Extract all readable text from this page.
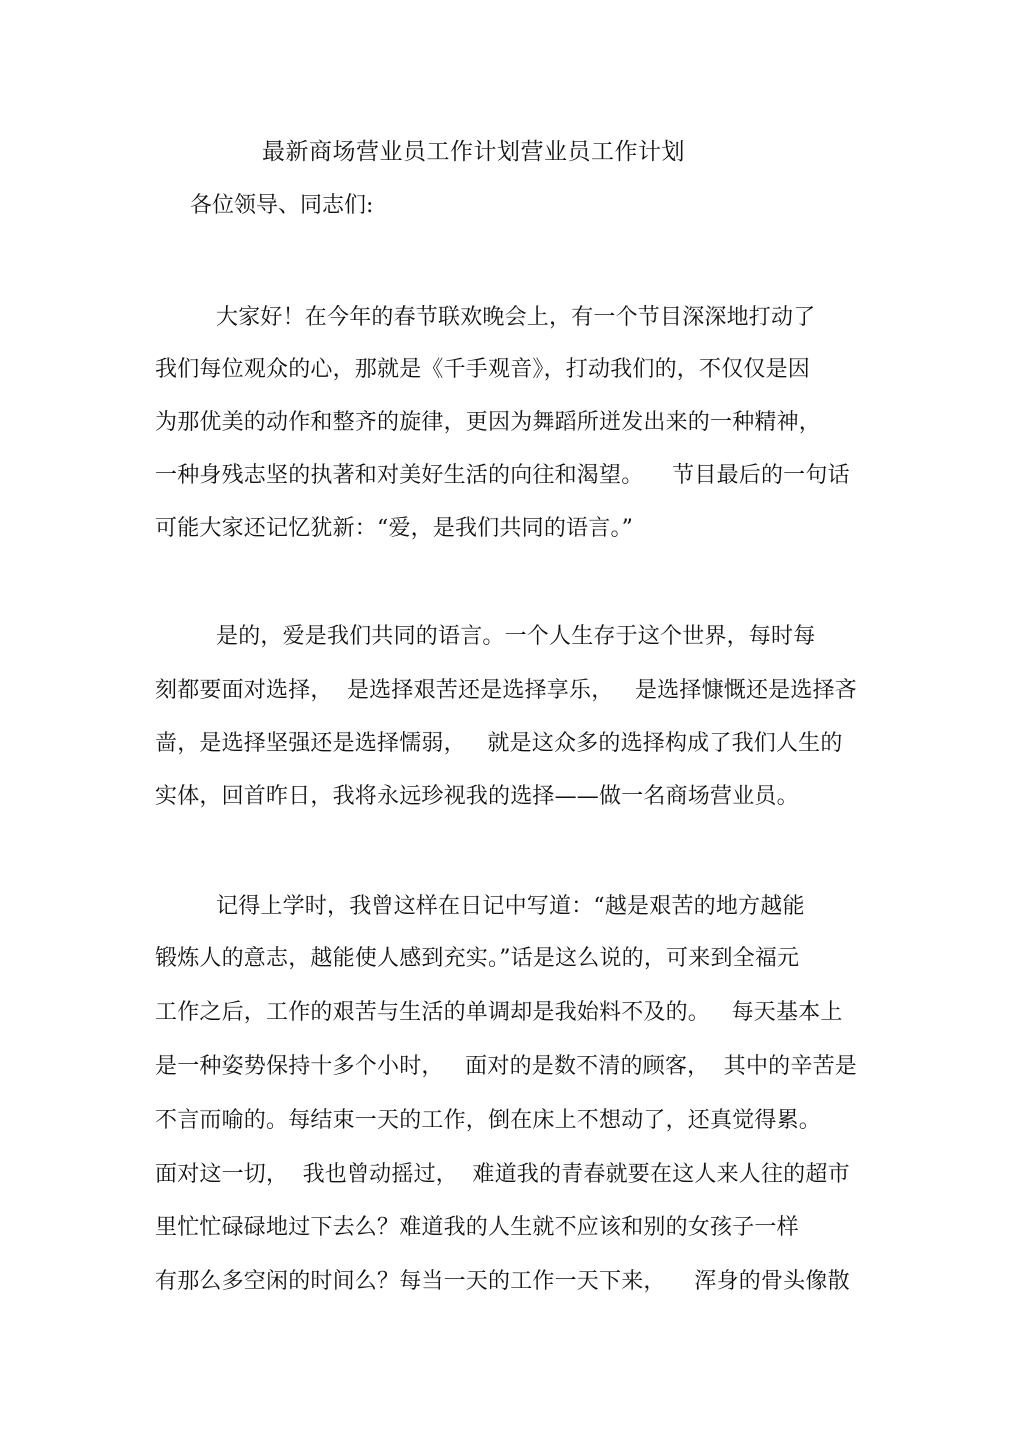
最新商场营业员工作计划营业员工作计划
各位领导、同志们:
大家好！在今年的春节联欢晚会上，有一个节目深深地打动了
我们每位观众的心，那就是《千手观音》，打动我们的，不仅仅是因
为那优美的动作和整齐的旋律，更因为舞蹈所迸发出来的一种精神，
一种身残志坚的执著和对美好生活的向往和渴望。    节目最后的一句话
可能大家还记忆犹新：“爱，是我们共同的语言。”
是的，爱是我们共同的语言。一个人生存于这个世界，每时每
刻都要面对选择，  是选择艰苦还是选择享乐，   是选择慷慨还是选择吝
啬，是选择坚强还是选择懦弱，   就是这众多的选择构成了我们人生的
实体，回首昨日，我将永远珍视我的选择——做一名商场营业员。
记得上学时，我曾这样在日记中写道：“越是艰苦的地方越能
锻炼人的意志，越能使人感到充实。”话是这么说的，可来到全福元
工作之后，工作的艰苦与生活的单调却是我始料不及的。   每天基本上
是一种姿势保持十多个小时，   面对的是数不清的顾客，  其中的辛苦是
不言而喻的。每结束一天的工作，倒在床上不想动了，还真觉得累。
面对这一切，  我也曾动摇过，  难道我的青春就要在这人来人往的超市
里忙忙碌碌地过下去么？难道我的人生就不应该和别的女孩子一样
有那么多空闲的时间么？每当一天的工作一天下来，    浑身的骨头像散
